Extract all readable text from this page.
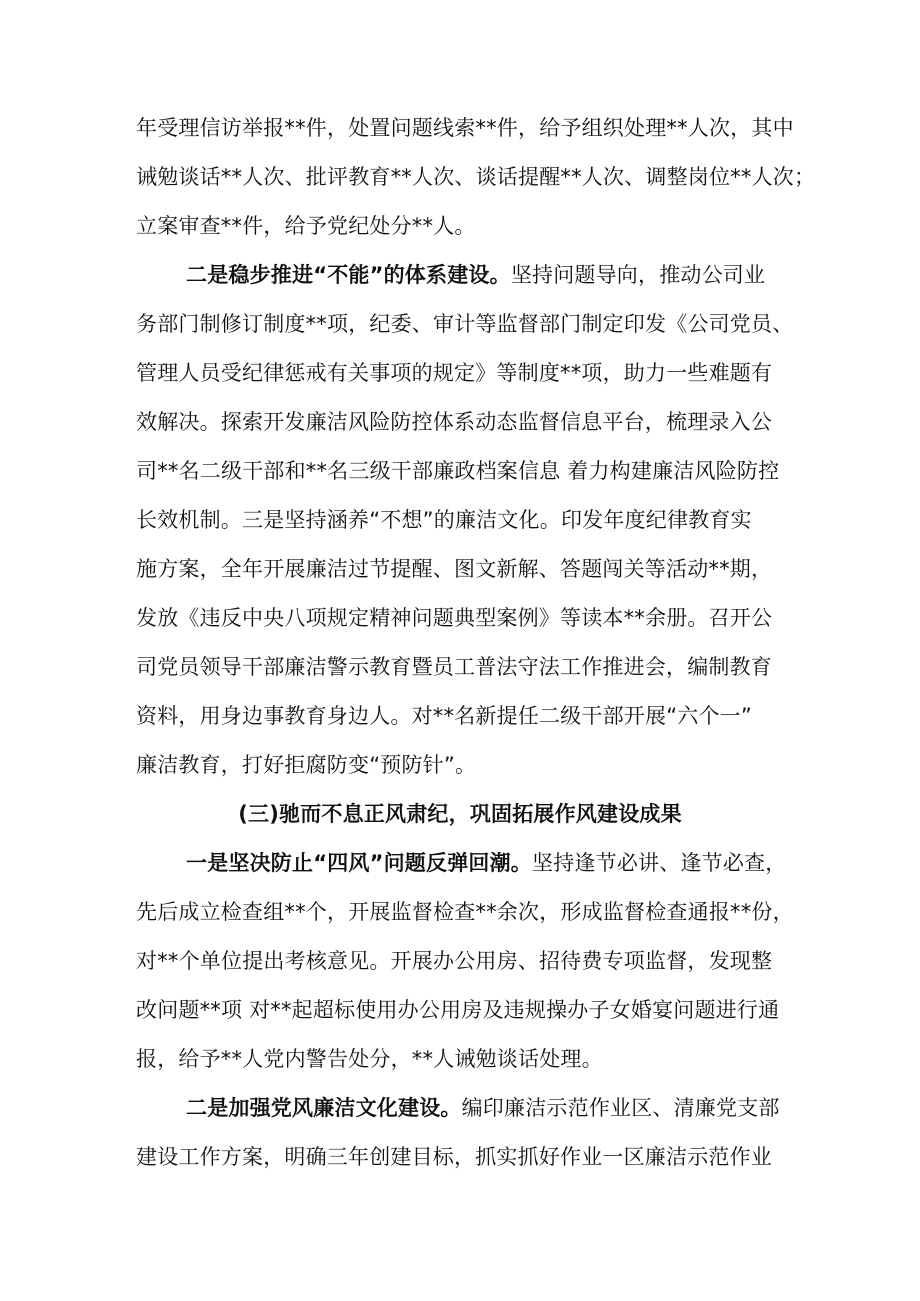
年受理信访举报**件，处置问题线索**件，给予组织处理**人次，其中
诫勉谈话**人次、批评教育**人次、谈话提醒**人次、调整岗位**人次；
立案审查**件，给予党纪处分**人。
二是稳步推进“不能”的体系建设。坚持问题导向，推动公司业
务部门制修订制度**项，纪委、审计等监督部门制定印发《公司党员、
管理人员受纪律惩戒有关事项的规定》等制度**项，助力一些难题有
效解决。探索开发廉洁风险防控体系动态监督信息平台，梳理录入公
司**名二级干部和**名三级干部廉政档案信息 着力构建廉洁风险防控
长效机制。三是坚持涵养“不想”的廉洁文化。印发年度纪律教育实
施方案，全年开展廉洁过节提醒、图文新解、答题闯关等活动**期，
发放《违反中央八项规定精神问题典型案例》等读本**余册。召开公
司党员领导干部廉洁警示教育暨员工普法守法工作推进会，编制教育
资料，用身边事教育身边人。对**名新提任二级干部开展“六个一”
廉洁教育，打好拒腐防变“预防针”。
(三)驰而不息正风肃纪，巩固拓展作风建设成果
一是坚决防止“四风”问题反弹回潮。坚持逢节必讲、逢节必查，
先后成立检查组**个，开展监督检查**余次，形成监督检查通报**份，
对**个单位提出考核意见。开展办公用房、招待费专项监督，发现整
改问题**项 对**起超标使用办公用房及违规操办子女婚宴问题进行通
报，给予**人党内警告处分，**人诫勉谈话处理。
二是加强党风廉洁文化建设。编印廉洁示范作业区、清廉党支部
建设工作方案，明确三年创建目标，抓实抓好作业一区廉洁示范作业
